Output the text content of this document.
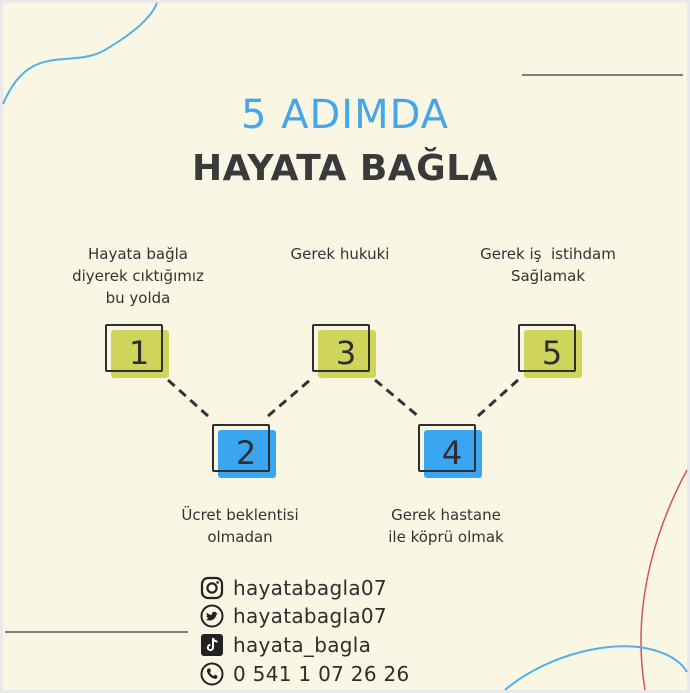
5 ADIMDA
HAYATA BAĞLA
Hayata bağla
diyerek cıktığımız
bu yolda
Gerek hukuki	Gerek iş  istihdam
Sağlamak
Ücret beklentisi
olmadan
Gerek hastane
ile köprü olmak
1
2
3
4
5
hayatabagla07
hayatabagla07
hayata_bagla
0 541 1 07 26 26
